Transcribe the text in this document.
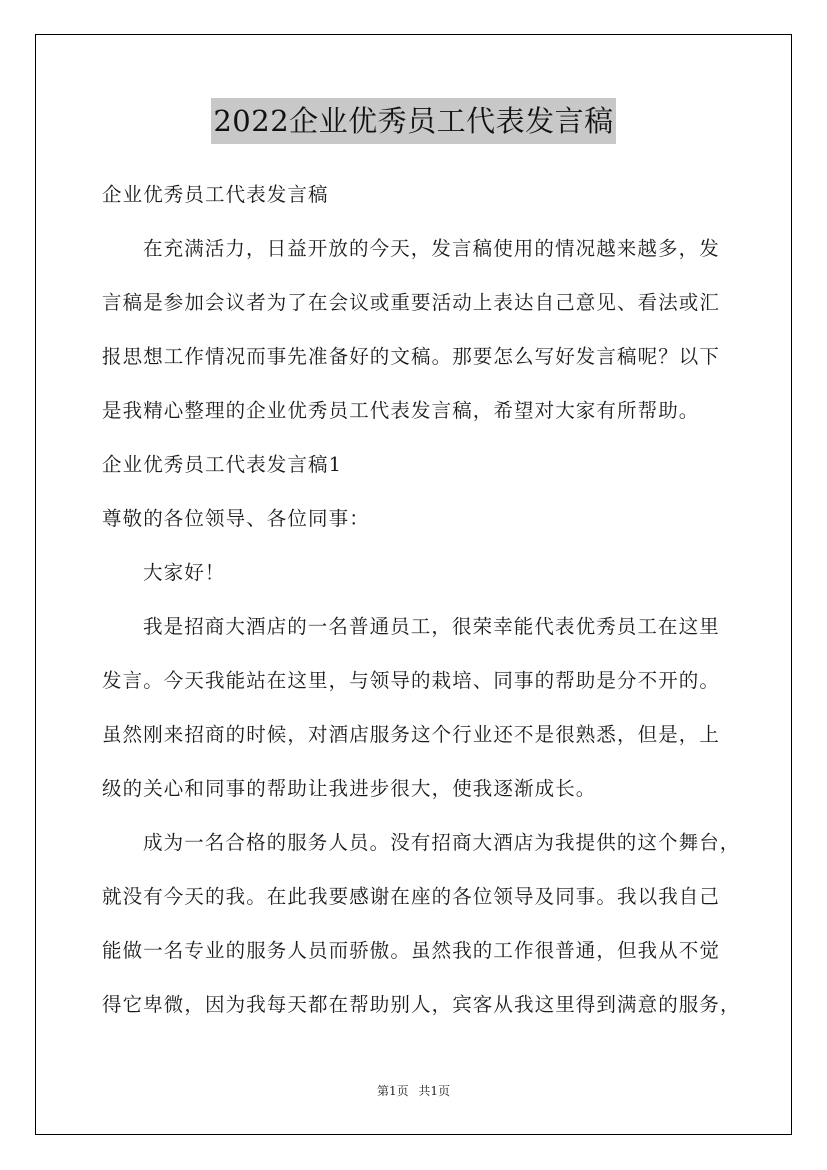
2022企业优秀员工代表发言稿
企业优秀员工代表发言稿
在充满活力，日益开放的今天，发言稿使用的情况越来越多，发
言稿是参加会议者为了在会议或重要活动上表达自己意见、看法或汇
报思想工作情况而事先准备好的文稿。那要怎么写好发言稿呢？以下
是我精心整理的企业优秀员工代表发言稿，希望对大家有所帮助。
企业优秀员工代表发言稿1
尊敬的各位领导、各位同事：
大家好！
我是招商大酒店的一名普通员工，很荣幸能代表优秀员工在这里
发言。今天我能站在这里，与领导的栽培、同事的帮助是分不开的。
虽然刚来招商的时候，对酒店服务这个行业还不是很熟悉，但是，上
级的关心和同事的帮助让我进步很大，使我逐渐成长。
成为一名合格的服务人员。没有招商大酒店为我提供的这个舞台，
就没有今天的我。在此我要感谢在座的各位领导及同事。我以我自己
能做一名专业的服务人员而骄傲。虽然我的工作很普通，但我从不觉
得它卑微，因为我每天都在帮助别人，宾客从我这里得到满意的服务，
第1页 共1页
